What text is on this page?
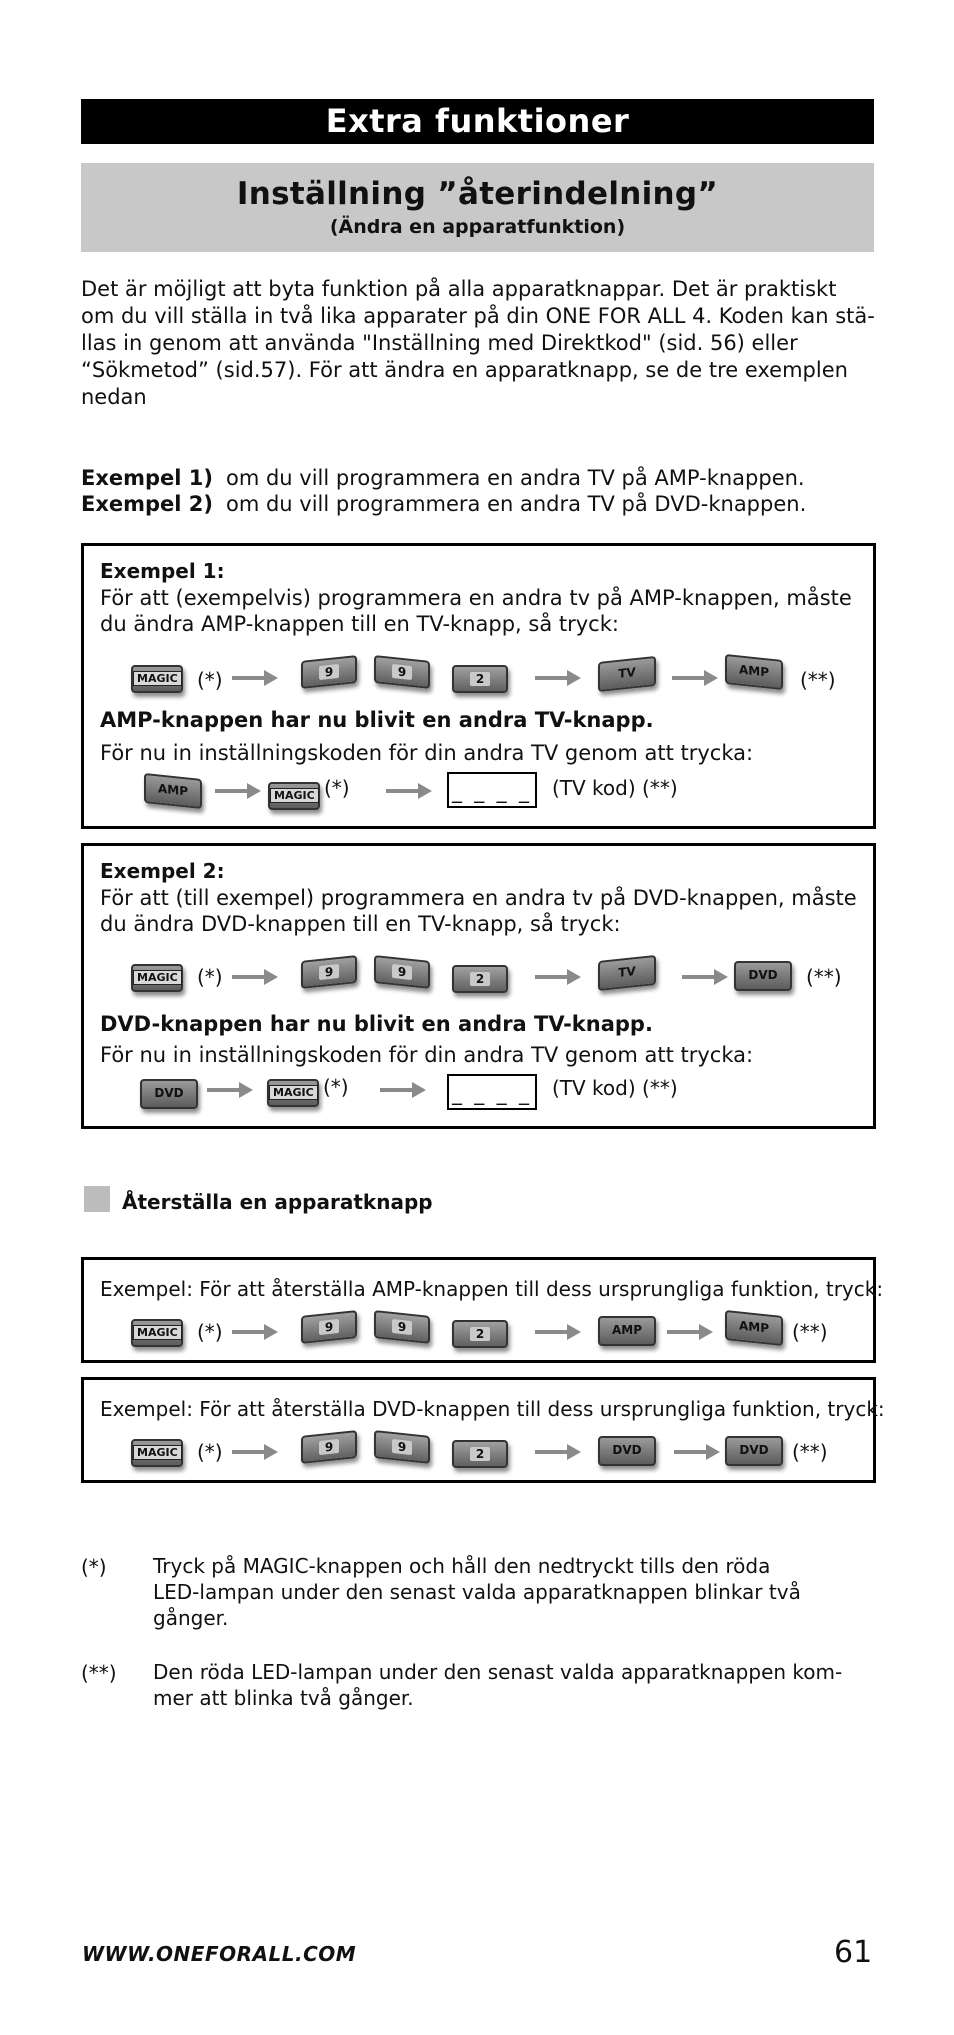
Extra funktioner
Inställning ”återindelning”
(Ändra en apparatfunktion)

Det är möjligt att byta funktion på alla apparatknappar. Det är praktiskt

om du vill ställa in två lika apparater på din ONE FOR ALL 4. Koden kan stä-

llas in genom att använda "Inställning med Direktkod" (sid. 56) eller

“Sökmetod” (sid.57). För att ändra en apparatknapp, se de tre exemplen

nedan

Exempel 1) om du vill programmera en andra TV på AMP-knappen.
Exempel 2) om du vill programmera en andra TV på DVD-knappen.
Exempel 1:
För att (exempelvis) programmera en andra tv på AMP-knappen, måste
du ändra AMP-knappen till en TV-knapp, så tryck:
MAGIC (*)	9	9	2	TV	AMP	(**)
AMP-knappen har nu blivit en andra TV-knapp.
För nu in inställningskoden för din andra TV genom att trycka:
AMP	MAGIC (*)	_ _ _ _ (TV kod) (**)
Exempel 2:
För att (till exempel) programmera en andra tv på DVD-knappen, måste
du ändra DVD-knappen till en TV-knapp, så tryck:
MAGIC (*)	9	9	2	TV	DVD	(**)
DVD-knappen har nu blivit en andra TV-knapp.
För nu in inställningskoden för din andra TV genom att trycka:
DVD	MAGIC (*)	_ _ _ _ (TV kod) (**)
Återställa en apparatknapp
Exempel: För att återställa AMP-knappen till dess ursprungliga funktion, tryck:
MAGIC (*)	9	9	2	AMP	AMP	(**)
Exempel: För att återställa DVD-knappen till dess ursprungliga funktion, tryck:
MAGIC (*)	9	9	2	DVD	DVD	(**)
(*) Tryck på MAGIC-knappen och håll den nedtryckt tills den röda
LED-lampan under den senast valda apparatknappen blinkar två
gånger.
(**) Den röda LED-lampan under den senast valda apparatknappen kom-
mer att blinka två gånger.
WWW.ONEFORALL.COM	61
